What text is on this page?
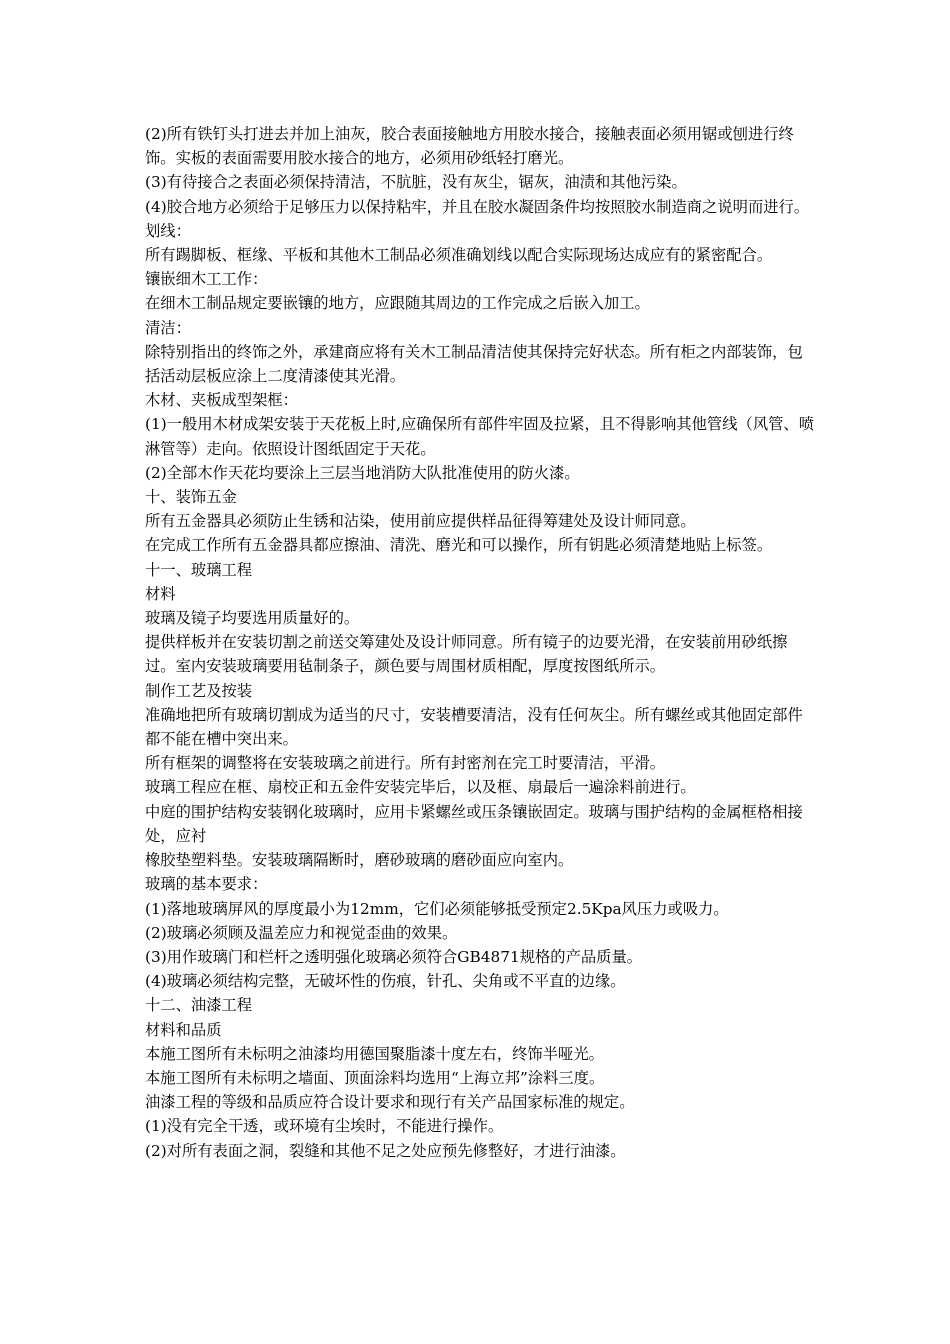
(2)所有铁钉头打进去并加上油灰，胶合表面接触地方用胶水接合，接触表面必须用锯或刨进行终饰。实板的表面需要用胶水接合的地方，必须用砂纸轻打磨光。

(3)有待接合之表面必须保持清洁，不肮脏，没有灰尘，锯灰，油渍和其他污染。

(4)胶合地方必须给于足够压力以保持粘牢，并且在胶水凝固条件均按照胶水制造商之说明而进行。

划线：

所有踢脚板、框缘、平板和其他木工制品必须准确划线以配合实际现场达成应有的紧密配合。

镶嵌细木工工作：

在细木工制品规定要嵌镶的地方，应跟随其周边的工作完成之后嵌入加工。

清洁：

除特别指出的终饰之外，承建商应将有关木工制品清洁使其保持完好状态。所有柜之内部装饰，包括活动层板应涂上二度清漆使其光滑。

木材、夹板成型架框：

(1)一般用木材成架安装于天花板上时,应确保所有部件牢固及拉紧，且不得影响其他管线（风管、喷淋管等）走向。依照设计图纸固定于天花。

(2)全部木作天花均要涂上三层当地消防大队批准使用的防火漆。

十、装饰五金

所有五金器具必须防止生锈和沾染，使用前应提供样品征得筹建处及设计师同意。

在完成工作所有五金器具都应擦油、清洗、磨光和可以操作，所有钥匙必须清楚地贴上标签。

十一、玻璃工程

材料

玻璃及镜子均要选用质量好的。

提供样板并在安装切割之前送交筹建处及设计师同意。所有镜子的边要光滑，在安装前用砂纸擦过。室内安装玻璃要用毡制条子，颜色要与周围材质相配，厚度按图纸所示。

制作工艺及按装

准确地把所有玻璃切割成为适当的尺寸，安装槽要清洁，没有任何灰尘。所有螺丝或其他固定部件都不能在槽中突出来。

所有框架的调整将在安装玻璃之前进行。所有封密剂在完工时要清洁，平滑。

玻璃工程应在框、扇校正和五金件安装完毕后，以及框、扇最后一遍涂料前进行。

中庭的围护结构安装钢化玻璃时，应用卡紧螺丝或压条镶嵌固定。玻璃与围护结构的金属框格相接处，应衬

橡胶垫塑料垫。安装玻璃隔断时，磨砂玻璃的磨砂面应向室内。

玻璃的基本要求：

(1)落地玻璃屏风的厚度最小为12mm，它们必须能够抵受预定2.5Kpa风压力或吸力。

(2)玻璃必须顾及温差应力和视觉歪曲的效果。

(3)用作玻璃门和栏杆之透明强化玻璃必须符合GB4871规格的产品质量。

(4)玻璃必须结构完整，无破坏性的伤痕，针孔、尖角或不平直的边缘。

十二、油漆工程

材料和品质

本施工图所有未标明之油漆均用德国聚脂漆十度左右，终饰半哑光。

本施工图所有未标明之墙面、顶面涂料均选用“上海立邦”涂料三度。

油漆工程的等级和品质应符合设计要求和现行有关产品国家标准的规定。

(1)没有完全干透，或环境有尘埃时，不能进行操作。

(2)对所有表面之洞，裂缝和其他不足之处应预先修整好，才进行油漆。
